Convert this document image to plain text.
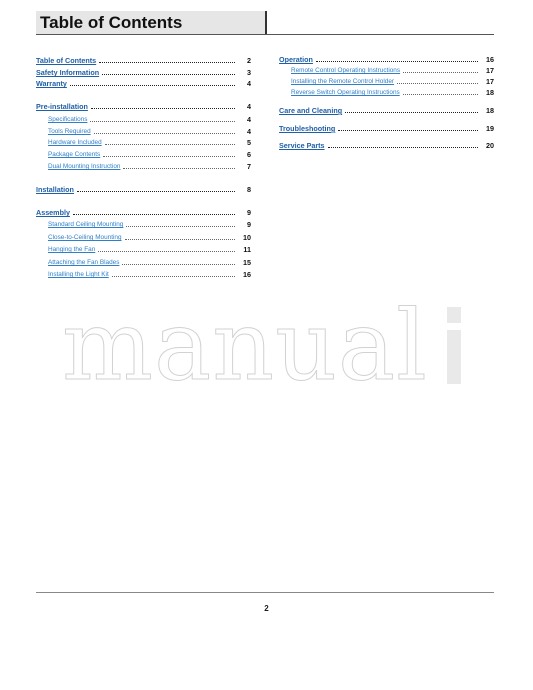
Table of Contents
manual
Table of Contents	2
Safety Information	3
Warranty	4
Pre-installation	4
Specifications	4
Tools Required	4
Hardware Included	5
Package Contents	6
Dual Mounting Instruction	7
Installation	8
Assembly	9
Standard Ceiling Mounting	9
Close-to-Ceiling Mounting	10
Hanging the Fan	11
Attaching the Fan Blades	15
Installing the Light Kit	16
Operation	16
Remote Control Operating Instructions	17
Installing the Remote Control Holder	17
Reverse Switch Operating Instructions	18
Care and Cleaning	18
Troubleshooting	19
Service Parts	20
2
